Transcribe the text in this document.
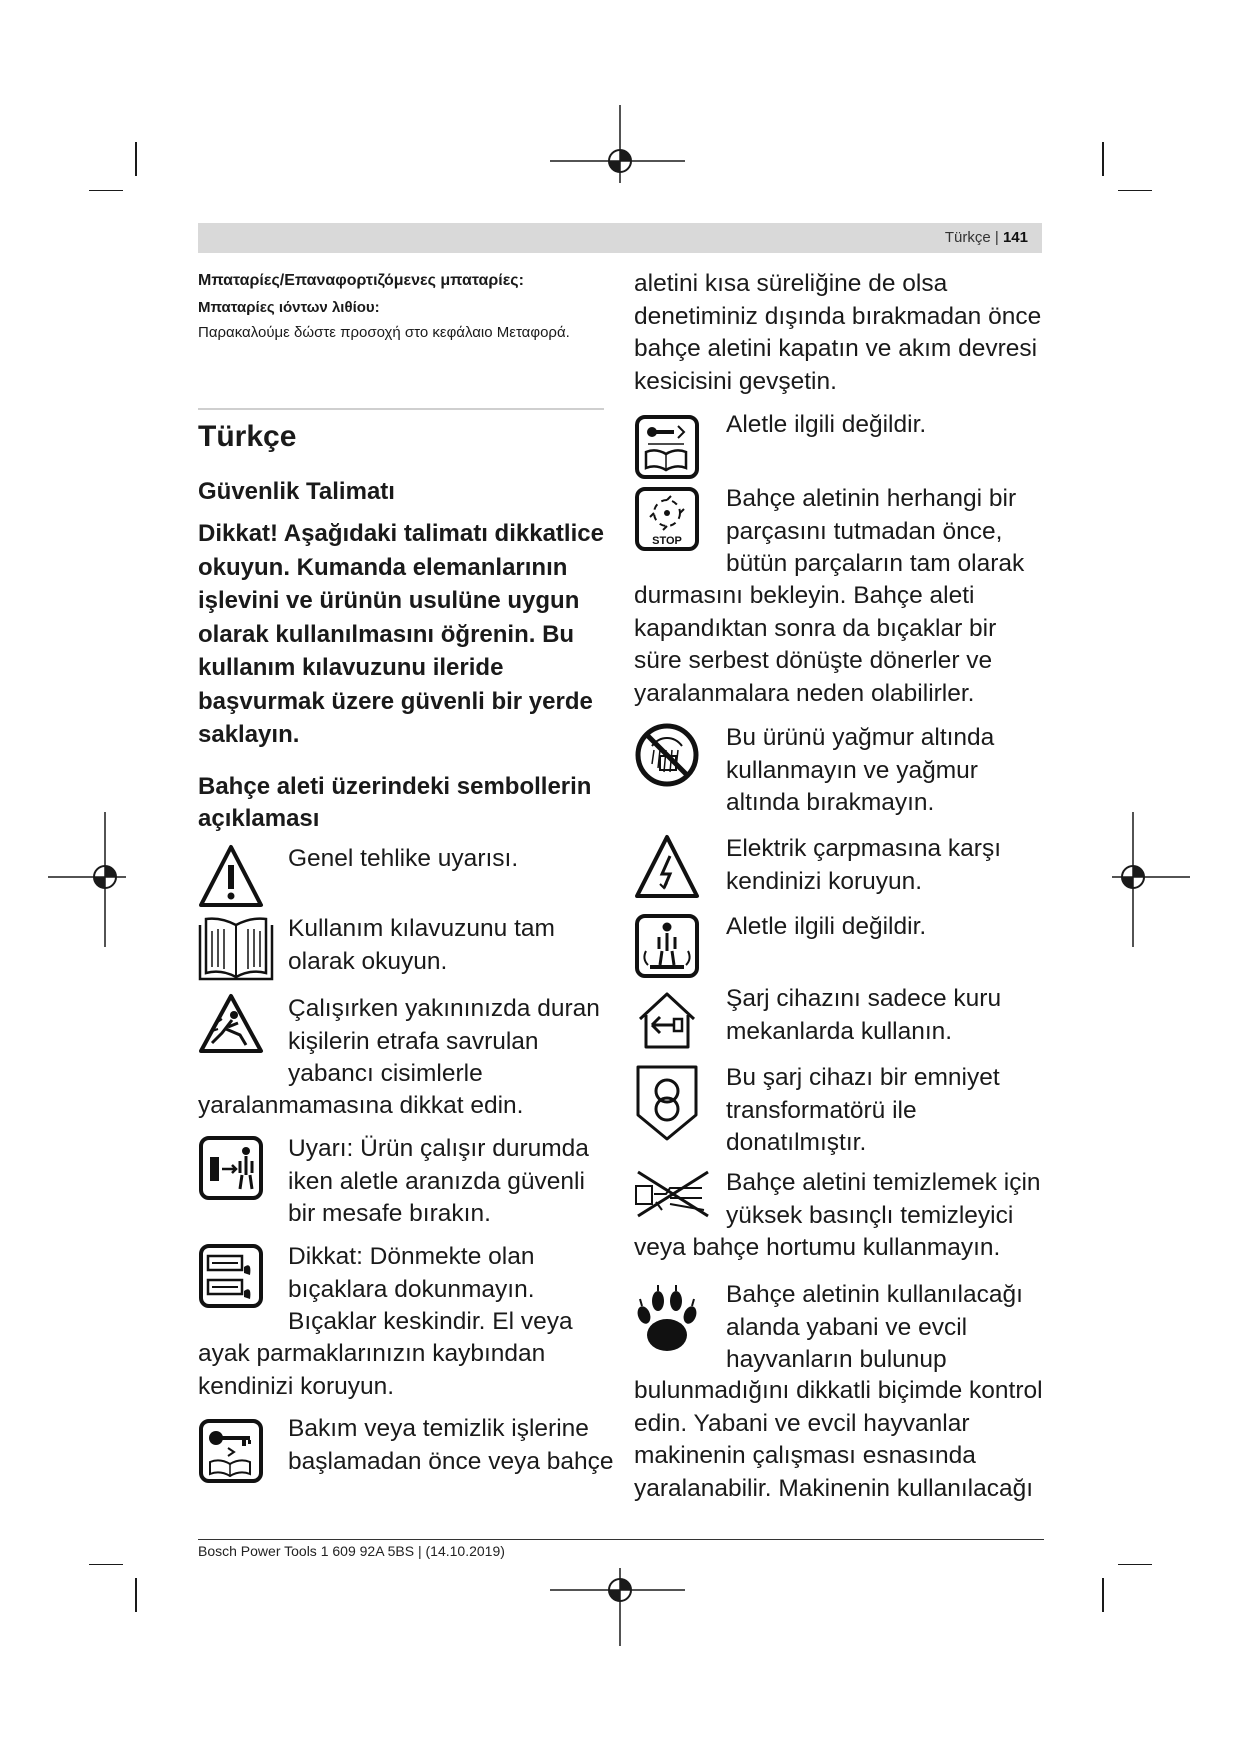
Türkçe | 141
Μπαταρίες/Επαναφορτιζόμενες μπαταρίες:
Μπαταρίες ιόντων λιθίου:
Παρακαλούμε δώστε προσοχή στο κεφάλαιο Μεταφορά.
Türkçe
Güvenlik Talimatı
Dikkat! Aşağıdaki talimatı dikkatlice okuyun. Kumanda elemanlarının işlevini ve ürünün usulüne uygun olarak kullanılmasını öğrenin. Bu kullanım kılavuzunu ileride başvurmak üzere güvenli bir yerde saklayın.
Bahçe aleti üzerindeki sembollerin açıklaması
Genel tehlike uyarısı.
Kullanım kılavuzunu tam olarak okuyun.
Çalışırken yakınınızda duran kişilerin etrafa savrulan yabancı cisimlerle
yaralanmamasına dikkat edin.
Uyarı: Ürün çalışır durumda iken aletle aranızda güvenli bir mesafe bırakın.
Dikkat: Dönmekte olan bıçaklara dokunmayın. Bıçaklar keskindir. El veya
ayak parmaklarınızın kaybından kendinizi koruyun.
Bakım veya temizlik işlerine başlamadan önce veya bahçe
aletini kısa süreliğine de olsa denetiminiz dışında bırakmadan önce bahçe aletini kapatın ve akım devresi kesicisini gevşetin.
Aletle ilgili değildir.
STOP
Bahçe aletinin herhangi bir parçasını tutmadan önce, bütün parçaların tam olarak
durmasını bekleyin. Bahçe aleti kapandıktan sonra da bıçaklar bir süre serbest dönüşte dönerler ve yaralanmalara neden olabilirler.
Bu ürünü yağmur altında kullanmayın ve yağmur altında bırakmayın.
Elektrik çarpmasına karşı kendinizi koruyun.
Aletle ilgili değildir.
Şarj cihazını sadece kuru mekanlarda kullanın.
Bu şarj cihazı bir emniyet transformatörü ile donatılmıştır.
Bahçe aletini temizlemek için yüksek basınçlı temizleyici
veya bahçe hortumu kullanmayın.
Bahçe aletinin kullanılacağı alanda yabani ve evcil hayvanların bulunup
bulunmadığını dikkatli biçimde kontrol edin. Yabani ve evcil hayvanlar makinenin çalışması esnasında yaralanabilir. Makinenin kullanılacağı
Bosch Power Tools 1 609 92A 5BS | (14.10.2019)
